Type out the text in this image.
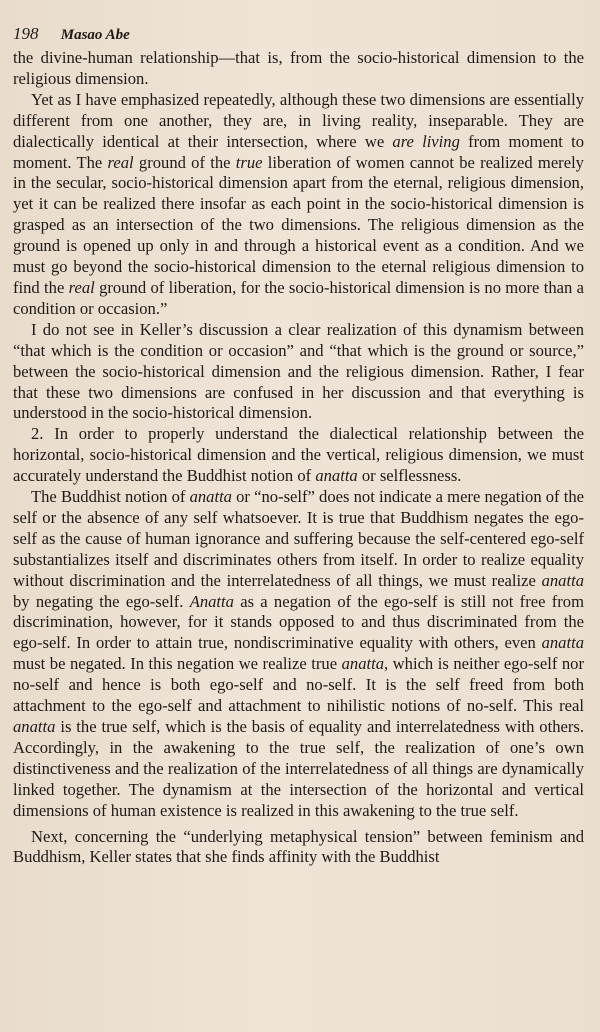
198 Masao Abe

the divine-human relationship—that is, from the socio-historical dimension to the religious dimension.

Yet as I have emphasized repeatedly, although these two dimensions are essentially different from one another, they are, in living reality, inseparable. They are dialectically identical at their intersection, where we are living from moment to moment. The real ground of the true liberation of women cannot be realized merely in the secular, socio-historical dimension apart from the eternal, religious dimension, yet it can be realized there insofar as each point in the socio-historical dimension is grasped as an intersection of the two dimensions. The religious dimension as the ground is opened up only in and through a historical event as a condition. And we must go beyond the socio-historical dimension to the eternal religious dimension to find the real ground of liberation, for the socio-historical dimension is no more than a condition or occasion.”

I do not see in Keller’s discussion a clear realization of this dynamism between “that which is the condition or occasion” and “that which is the ground or source,” between the socio-historical dimension and the religious dimension. Rather, I fear that these two dimensions are confused in her discussion and that everything is understood in the socio-historical dimension.

2. In order to properly understand the dialectical relationship between the horizontal, socio-historical dimension and the vertical, religious dimension, we must accurately understand the Buddhist notion of anatta or selflessness.

The Buddhist notion of anatta or “no-self” does not indicate a mere negation of the self or the absence of any self whatsoever. It is true that Buddhism negates the ego-self as the cause of human ignorance and suffering because the self-centered ego-self substantializes itself and discriminates others from itself. In order to realize equality without discrimination and the interrelatedness of all things, we must realize anatta by negating the ego-self. Anatta as a negation of the ego-self is still not free from discrimination, however, for it stands opposed to and thus discriminated from the ego-self. In order to attain true, nondiscriminative equality with others, even anatta must be negated. In this negation we realize true anatta, which is neither ego-self nor no-self and hence is both ego-self and no-self. It is the self freed from both attachment to the ego-self and attachment to nihilistic notions of no-self. This real anatta is the true self, which is the basis of equality and interrelatedness with others. Accordingly, in the awakening to the true self, the realization of one’s own distinctiveness and the realization of the interrelatedness of all things are dynamically linked together. The dynamism at the intersection of the horizontal and vertical dimensions of human existence is realized in this awakening to the true self.

Next, concerning the “underlying metaphysical tension” between feminism and Buddhism, Keller states that she finds affinity with the Buddhist
